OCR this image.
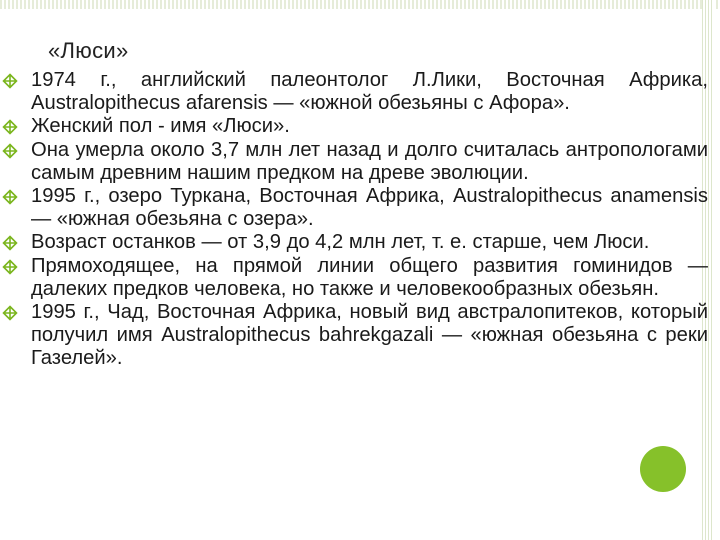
«Люси»
1974 г., английский палеонтолог Л.Лики, Восточная Африка, Australopithecus afarensis — «южной обезьяны с Афора».
Женский пол - имя «Люси».
Она умерла около 3,7 млн лет назад и долго считалась антропологами самым древним нашим предком на древе эволюции.
1995 г., озеро Туркана, Восточная Африка, Australopithecus anamensis — «южная обезьяна с озера».
Возраст останков — от 3,9 до 4,2 млн лет, т. е. старше, чем Люси.
Прямоходящее, на прямой линии общего развития гоминидов — далеких предков человека, но также и человекообразных обезьян.
1995 г., Чад, Восточная Африка, новый вид австралопитеков, который получил имя Australopithecus bahrekgazali — «южная обезьяна с реки Газелей».
